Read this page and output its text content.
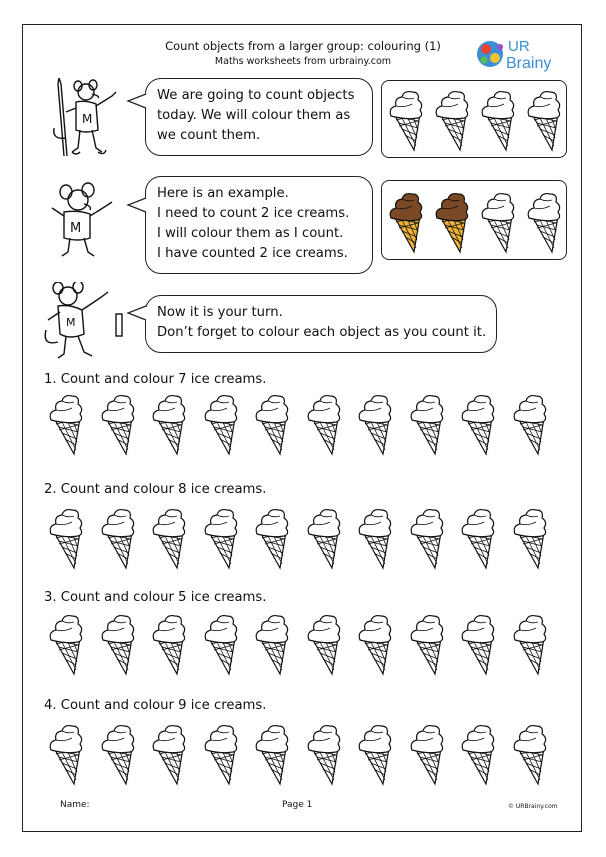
Count objects from a larger group: colouring (1)
Maths worksheets from urbrainy.com
UR
Brainy
M
We are going to count objects
today. We will colour them as
we count them.
M
Here is an example.
I need to count 2 ice creams.
I will colour them as I count.
I have counted 2 ice creams.
M
Now it is your turn.
Don’t forget to colour each object as you count it.
1. Count and colour 7 ice creams.
2. Count and colour 8 ice creams.
3. Count and colour 5 ice creams.
4. Count and colour 9 ice creams.
Name:	Page 1	© URBrainy.com
